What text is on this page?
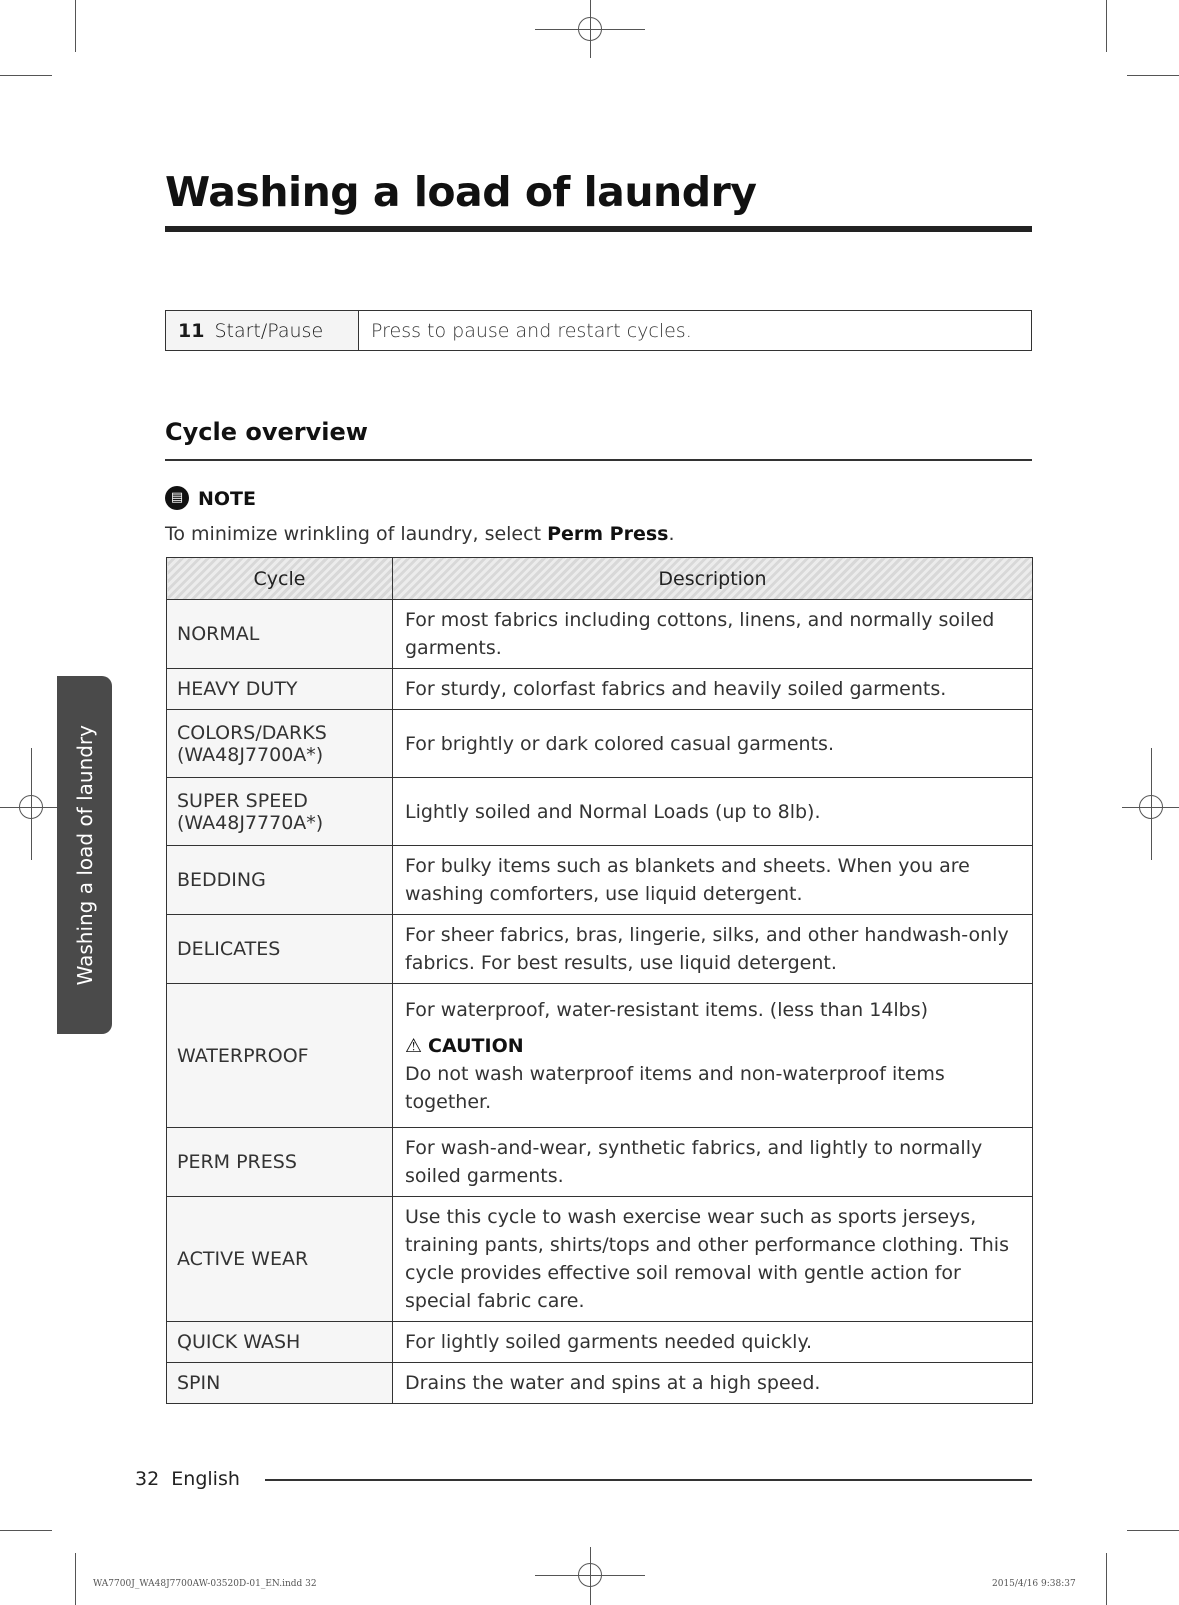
Washing a load of laundry
11 Start/Pause	Press to pause and restart cycles.
Cycle overview
▤ NOTE
To minimize wrinkling of laundry, select Perm Press.
Cycle	Description
NORMAL	For most fabrics including cottons, linens, and normally soiled garments.
HEAVY DUTY	For sturdy, colorfast fabrics and heavily soiled garments.

COLORS/DARKS
(WA48J7700A*)	For brightly or dark colored casual garments.

SUPER SPEED
(WA48J7770A*)	Lightly soiled and Normal Loads (up to 8lb).
BEDDING	For bulky items such as blankets and sheets. When you are washing comforters, use liquid detergent.
DELICATES	For sheer fabrics, bras, lingerie, silks, and other handwash-only fabrics. For best results, use liquid detergent.
WATERPROOF	For waterproof, water-resistant items. (less than 14lbs)
⚠ CAUTION
Do not wash waterproof items and non-waterproof items together.

PERM PRESS	For wash-and-wear, synthetic fabrics, and lightly to normally soiled garments.
ACTIVE WEAR	Use this cycle to wash exercise wear such as sports jerseys, training pants, shirts/tops and other performance clothing. This cycle provides effective soil removal with gentle action for special fabric care.
QUICK WASH	For lightly soiled garments needed quickly.
SPIN	Drains the water and spins at a high speed.
Washing a load of laundry
32 English
WA7700J_WA48J7700AW-03520D-01_EN.indd 32	2015/4/16 9:38:37
